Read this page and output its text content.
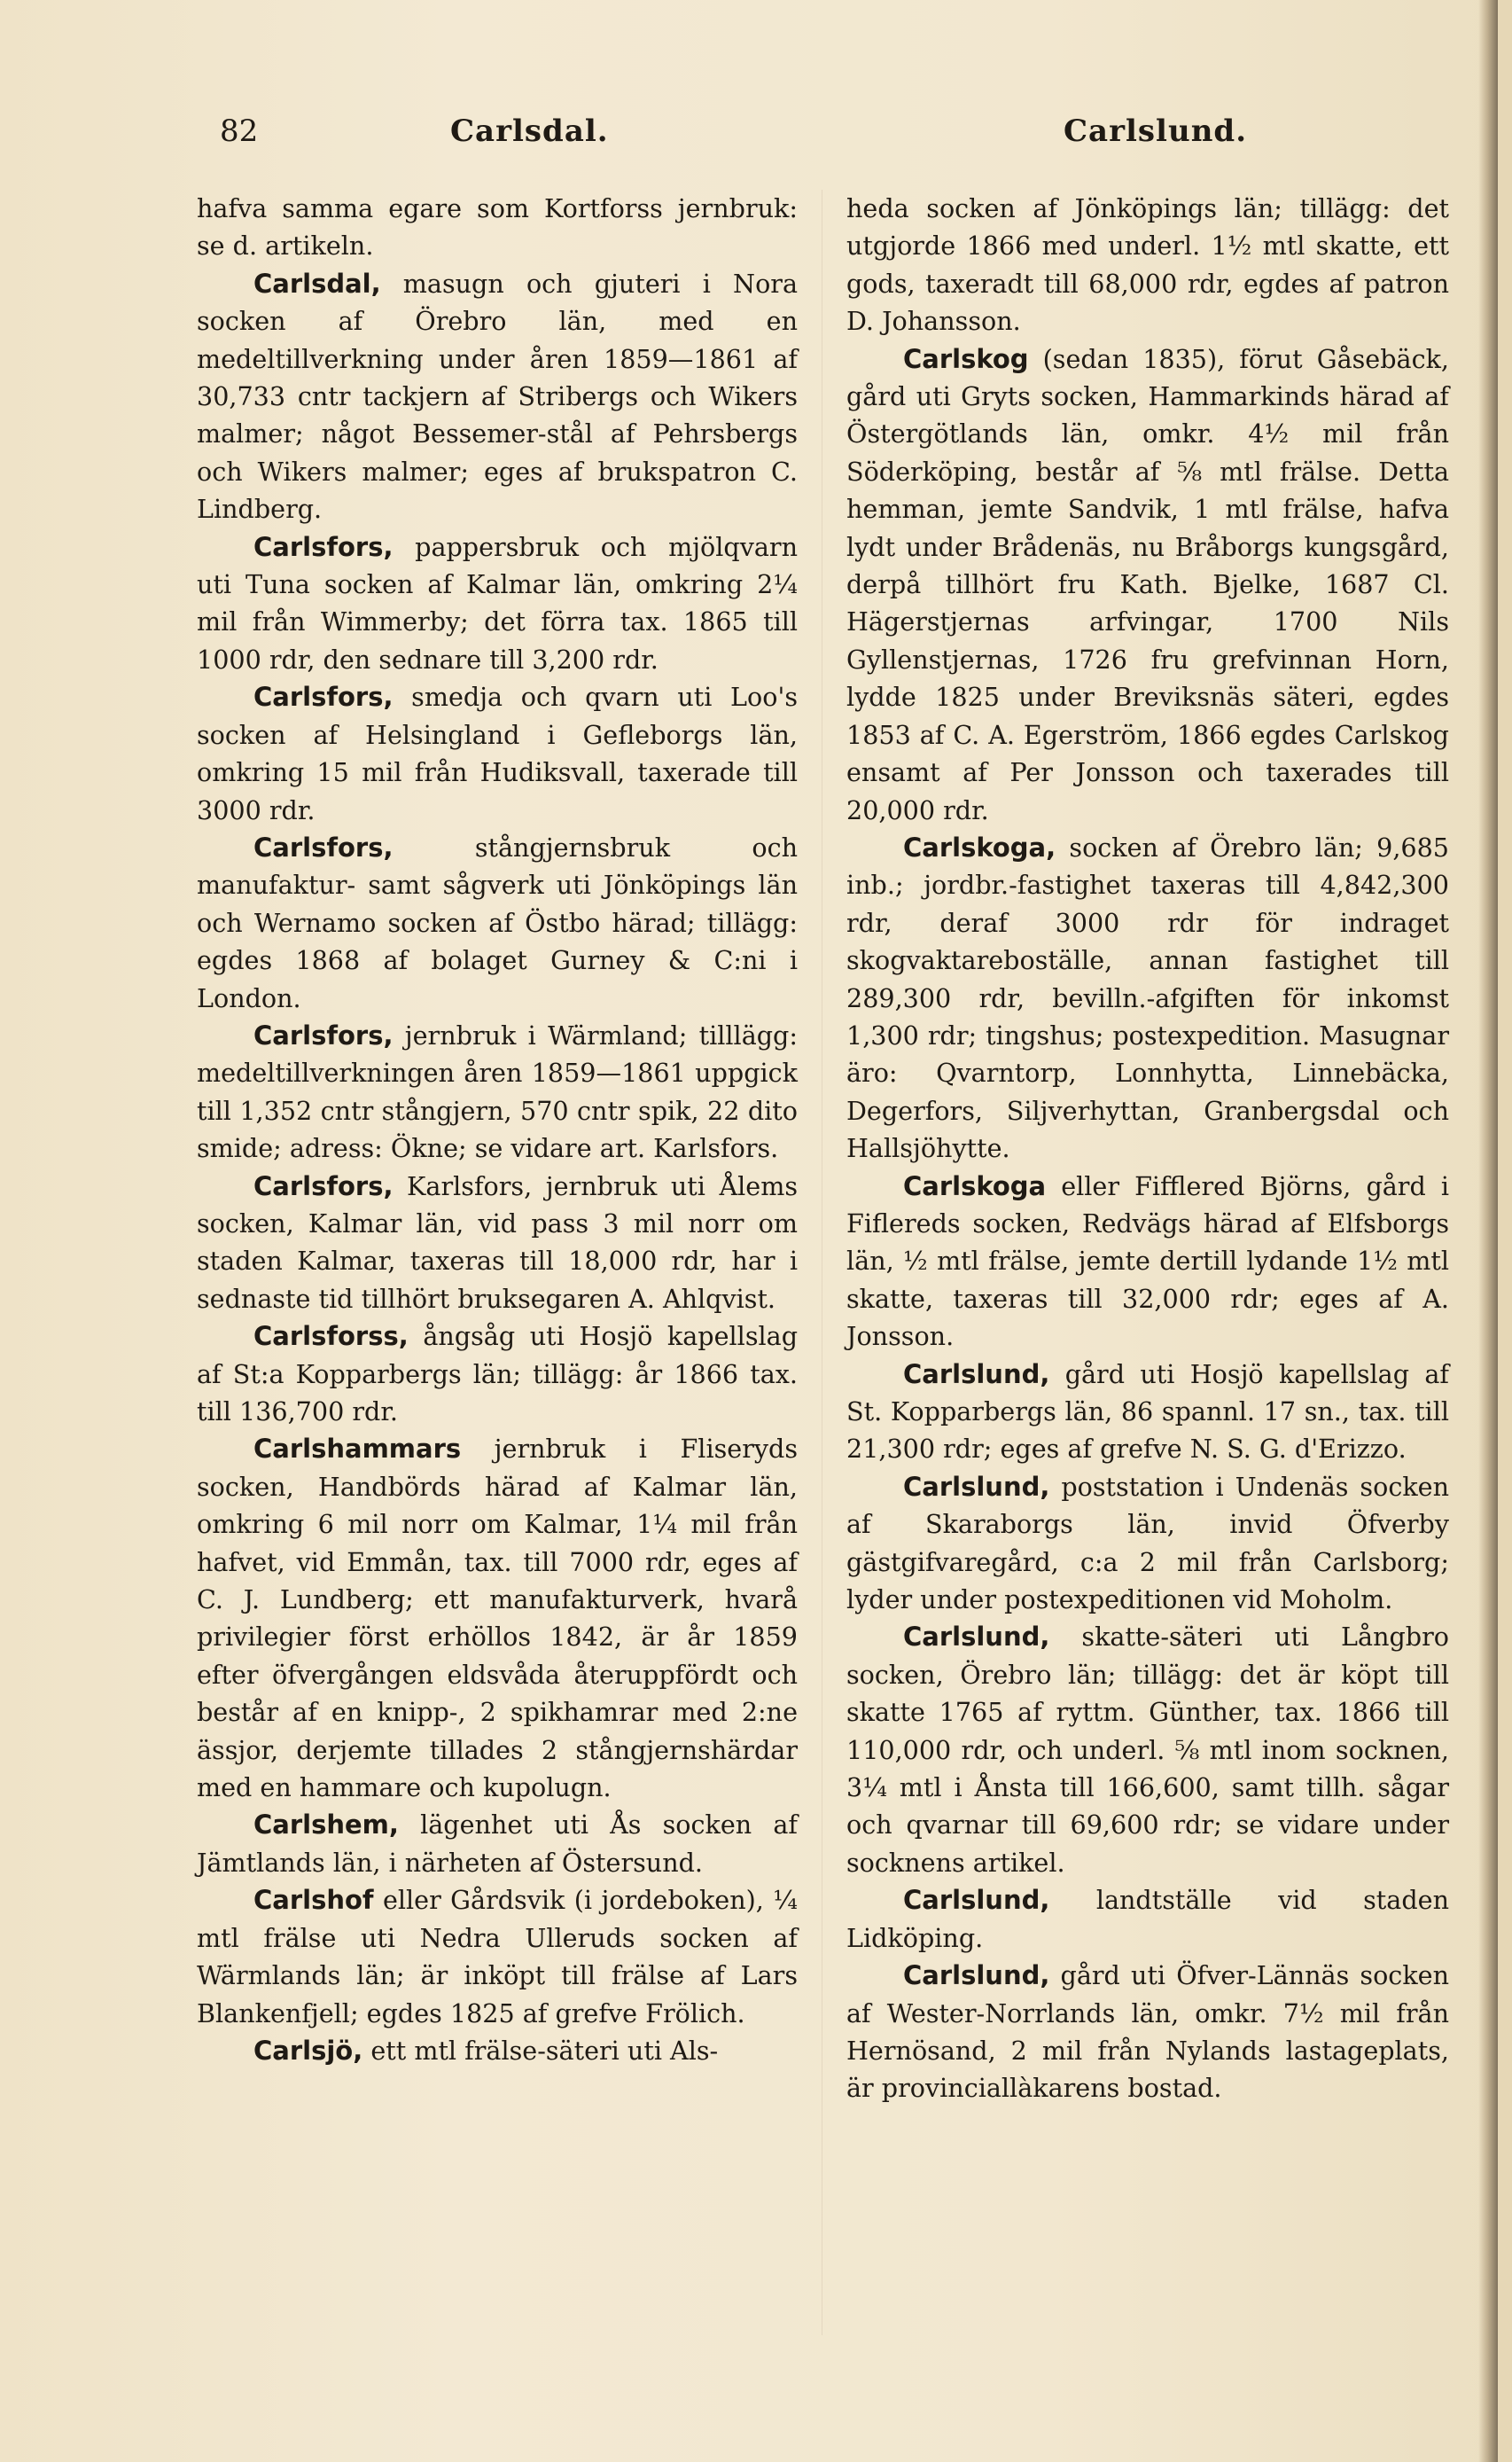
82	Carlsdal.	Carlslund.

hafva samma egare som Kortforss jernbruk: se d. artikeln.

Carlsdal, masugn och gjuteri i Nora socken af Örebro län, med en medeltillverkning under åren 1859—1861 af 30,733 cntr tackjern af Stribergs och Wikers malmer; något Bessemer-stål af Pehrsbergs och Wikers malmer; eges af brukspatron C. Lindberg.

Carlsfors, pappersbruk och mjölqvarn uti Tuna socken af Kalmar län, omkring 2¼ mil från Wimmerby; det förra tax. 1865 till 1000 rdr, den sednare till 3,200 rdr.

Carlsfors, smedja och qvarn uti Loo's socken af Helsingland i Gefleborgs län, omkring 15 mil från Hudiksvall, taxerade till 3000 rdr.

Carlsfors, stångjernsbruk och manufaktur- samt sågverk uti Jönköpings län och Wernamo socken af Östbo härad; tillägg: egdes 1868 af bolaget Gurney & C:ni i London.

Carlsfors, jernbruk i Wärmland; tilllägg: medeltillverkningen åren 1859—1861 uppgick till 1,352 cntr stångjern, 570 cntr spik, 22 dito smide; adress: Ökne; se vidare art. Karlsfors.

Carlsfors, Karlsfors, jernbruk uti Ålems socken, Kalmar län, vid pass 3 mil norr om staden Kalmar, taxeras till 18,000 rdr, har i sednaste tid tillhört bruksegaren A. Ahlqvist.

Carlsforss, ångsåg uti Hosjö kapellslag af St:a Kopparbergs län; tillägg: år 1866 tax. till 136,700 rdr.

Carlshammars jernbruk i Fliseryds socken, Handbörds härad af Kalmar län, omkring 6 mil norr om Kalmar, 1¼ mil från hafvet, vid Emmån, tax. till 7000 rdr, eges af C. J. Lundberg; ett manufakturverk, hvarå privilegier först erhöllos 1842, är år 1859 efter öfvergången eldsvåda återuppfördt och består af en knipp-, 2 spikhamrar med 2:ne ässjor, derjemte tillades 2 stångjernshärdar med en hammare och kupolugn.

Carlshem, lägenhet uti Ås socken af Jämtlands län, i närheten af Östersund.

Carlshof eller Gårdsvik (i jordeboken), ¼ mtl frälse uti Nedra Ulleruds socken af Wärmlands län; är inköpt till frälse af Lars Blankenfjell; egdes 1825 af grefve Frölich.

Carlsjö, ett mtl frälse-säteri uti Als-

heda socken af Jönköpings län; tillägg: det utgjorde 1866 med underl. 1½ mtl skatte, ett gods, taxeradt till 68,000 rdr, egdes af patron D. Johansson.

Carlskog (sedan 1835), förut Gåsebäck, gård uti Gryts socken, Hammarkinds härad af Östergötlands län, omkr. 4½ mil från Söderköping, består af ⅝ mtl frälse. Detta hemman, jemte Sandvik, 1 mtl frälse, hafva lydt under Brådenäs, nu Bråborgs kungsgård, derpå tillhört fru Kath. Bjelke, 1687 Cl. Hägerstjernas arfvingar, 1700 Nils Gyllenstjernas, 1726 fru grefvinnan Horn, lydde 1825 under Breviksnäs säteri, egdes 1853 af C. A. Egerström, 1866 egdes Carlskog ensamt af Per Jonsson och taxerades till 20,000 rdr.

Carlskoga, socken af Örebro län; 9,685 inb.; jordbr.-fastighet taxeras till 4,842,300 rdr, deraf 3000 rdr för indraget skogvaktareboställe, annan fastighet till 289,300 rdr, bevilln.-afgiften för inkomst 1,300 rdr; tingshus; postexpedition. Masugnar äro: Qvarntorp, Lonnhytta, Linnebäcka, Degerfors, Siljverhyttan, Granbergsdal och Hallsjöhytte.

Carlskoga eller Fifflered Björns, gård i Fiflereds socken, Redvägs härad af Elfsborgs län, ½ mtl frälse, jemte dertill lydande 1½ mtl skatte, taxeras till 32,000 rdr; eges af A. Jonsson.

Carlslund, gård uti Hosjö kapellslag af St. Kopparbergs län, 86 spannl. 17 sn., tax. till 21,300 rdr; eges af grefve N. S. G. d'Erizzo.

Carlslund, poststation i Undenäs socken af Skaraborgs län, invid Öfverby gästgifvaregård, c:a 2 mil från Carlsborg; lyder under postexpeditionen vid Moholm.

Carlslund, skatte-säteri uti Långbro socken, Örebro län; tillägg: det är köpt till skatte 1765 af ryttm. Günther, tax. 1866 till 110,000 rdr, och underl. ⅝ mtl inom socknen, 3¼ mtl i Ånsta till 166,600, samt tillh. sågar och qvarnar till 69,600 rdr; se vidare under socknens artikel.

Carlslund, landtställe vid staden Lidköping.

Carlslund, gård uti Öfver-Lännäs socken af Wester-Norrlands län, omkr. 7½ mil från Hernösand, 2 mil från Nylands lastageplats, är provinciallàkarens bostad.
